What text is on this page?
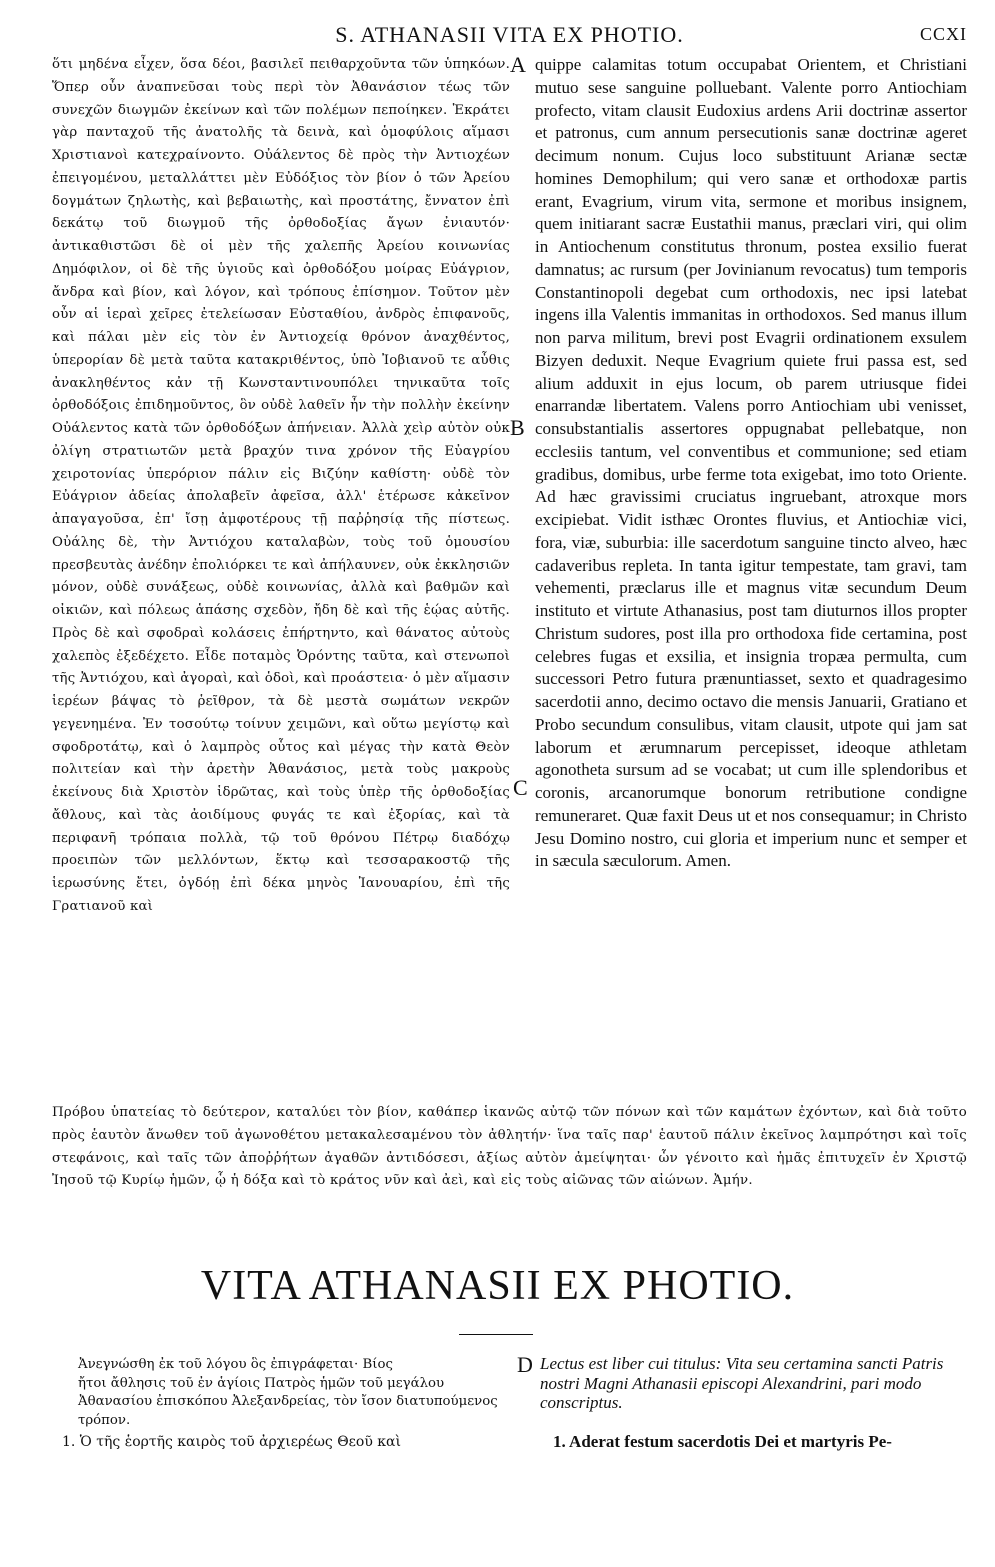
S. ATHANASII VITA EX PHOTIO.	CCXI

ὅτι μηδένα εἶχεν, ὅσα δέοι, βασιλεῖ πειθαρχοῦντα τῶν ὑπηκόων. Ὅπερ οὖν ἀναπνεῦσαι τοὺς περὶ τὸν Ἀθανάσιον τέως τῶν συνεχῶν διωγμῶν ἐκείνων καὶ τῶν πολέμων πεποίηκεν. Ἐκράτει γὰρ πανταχοῦ τῆς ἀνατολῆς τὰ δεινὰ, καὶ ὁμοφύλοις αἵμασι Χριστιανοὶ κατεχραίνοντο. Οὐάλεντος δὲ πρὸς τὴν Ἀντιοχέων ἐπειγομένου, μεταλλάττει μὲν Εὐδόξιος τὸν βίον ὁ τῶν Ἀρείου δογμάτων ζηλωτὴς, καὶ βεβαιωτὴς, καὶ προστάτης, ἔννατον ἐπὶ δεκάτῳ τοῦ διωγμοῦ τῆς ὀρθοδοξίας ἄγων ἐνιαυτόν· ἀντικαθιστῶσι δὲ οἱ μὲν τῆς χαλεπῆς Ἀρείου κοινωνίας Δημόφιλον, οἱ δὲ τῆς ὑγιοῦς καὶ ὀρθοδόξου μοίρας Εὐάγριον, ἄνδρα καὶ βίον, καὶ λόγον, καὶ τρόπους ἐπίσημον. Τοῦτον μὲν οὖν αἱ ἱεραὶ χεῖρες ἐτελείωσαν Εὐσταθίου, ἀνδρὸς ἐπιφανοῦς, καὶ πάλαι μὲν εἰς τὸν ἐν Ἀντιοχείᾳ θρόνον ἀναχθέντος, ὑπερορίαν δὲ μετὰ ταῦτα κατακριθέντος, ὑπὸ Ἰοβιανοῦ τε αὖθις ἀνακληθέντος κἀν τῇ Κωνσταντινουπόλει τηνικαῦτα τοῖς ὀρθοδόξοις ἐπιδημοῦντος, ὃν οὐδὲ λαθεῖν ἦν τὴν πολλὴν ἐκείνην Οὐάλεντος κατὰ τῶν ὀρθοδόξων ἀπήνειαν. Ἀλλὰ χεὶρ αὐτὸν οὐκ ὀλίγη στρατιωτῶν μετὰ βραχύν τινα χρόνον τῆς Εὐαγρίου χειροτονίας ὑπερόριον πάλιν εἰς Βιζύην καθίστη· οὐδὲ τὸν Εὐάγριον ἀδείας ἀπολαβεῖν ἀφεῖσα, ἀλλ' ἑτέρωσε κἀκεῖνον ἀπαγαγοῦσα, ἐπ' ἴσῃ ἀμφοτέρους τῇ παῤῥησίᾳ τῆς πίστεως. Οὐάλης δὲ, τὴν Ἀντιόχου καταλαβὼν, τοὺς τοῦ ὁμουσίου πρεσβευτὰς ἀνέδην ἐπολιόρκει τε καὶ ἀπήλαυνεν, οὐκ ἐκκλησιῶν μόνον, οὐδὲ συνάξεως, οὐδὲ κοινωνίας, ἀλλὰ καὶ βαθμῶν καὶ οἰκιῶν, καὶ πόλεως ἁπάσης σχεδὸν, ἤδη δὲ καὶ τῆς ἑῴας αὐτῆς. Πρὸς δὲ καὶ σφοδραὶ κολάσεις ἐπήρτηντο, καὶ θάνατος αὐτοὺς χαλεπὸς ἐξεδέχετο. Εἶδε ποταμὸς Ὀρόντης ταῦτα, καὶ στενωποὶ τῆς Ἀντιόχου, καὶ ἀγοραὶ, καὶ ὁδοὶ, καὶ προάστεια· ὁ μὲν αἵμασιν ἱερέων βάψας τὸ ῥεῖθρον, τὰ δὲ μεστὰ σωμάτων νεκρῶν γεγενημένα. Ἐν τοσούτῳ τοίνυν χειμῶνι, καὶ οὕτω μεγίστῳ καὶ σφοδροτάτῳ, καὶ ὁ λαμπρὸς οὗτος καὶ μέγας τὴν κατὰ Θεὸν πολιτείαν καὶ τὴν ἀρετὴν Ἀθανάσιος, μετὰ τοὺς μακροὺς ἐκείνους διὰ Χριστὸν ἱδρῶτας, καὶ τοὺς ὑπὲρ τῆς ὀρθοδοξίας ἄθλους, καὶ τὰς ἀοιδίμους φυγάς τε καὶ ἐξορίας, καὶ τὰ περιφανῆ τρόπαια πολλὰ, τῷ τοῦ θρόνου Πέτρῳ διαδόχῳ προειπὼν τῶν μελλόντων, ἕκτῳ καὶ τεσσαρακοστῷ τῆς ἱερωσύνης ἔτει, ὀγδόῃ ἐπὶ δέκα μηνὸς Ἰανουαρίου, ἐπὶ τῆς Γρατιανοῦ καὶ

A
B
C
D

quippe calamitas totum occupabat Orientem, et Christiani mutuo sese sanguine polluebant. Valente porro Antiochiam profecto, vitam clausit Eudoxius ardens Arii doctrinæ assertor et patronus, cum annum persecutionis sanæ doctrinæ ageret decimum nonum. Cujus loco substituunt Arianæ sectæ homines Demophilum; qui vero sanæ et orthodoxæ partis erant, Evagrium, virum vita, sermone et moribus insignem, quem initiarant sacræ Eustathii manus, præclari viri, qui olim in Antiochenum constitutus thronum, postea exsilio fuerat damnatus; ac rursum (per Jovinianum revocatus) tum temporis Constantinopoli degebat cum orthodoxis, nec ipsi latebat ingens illa Valentis immanitas in orthodoxos. Sed manus illum non parva militum, brevi post Evagrii ordinationem exsulem Bizyen deduxit. Neque Evagrium quiete frui passa est, sed alium adduxit in ejus locum, ob parem utriusque fidei enarrandæ libertatem. Valens porro Antiochiam ubi venisset, consubstantialis assertores oppugnabat pellebatque, non ecclesiis tantum, vel conventibus et communione; sed etiam gradibus, domibus, urbe ferme tota exigebat, imo toto Oriente. Ad hæc gravissimi cruciatus ingruebant, atroxque mors excipiebat. Vidit isthæc Orontes fluvius, et Antiochiæ vici, fora, viæ, suburbia: ille sacerdotum sanguine tincto alveo, hæc cadaveribus repleta. In tanta igitur tempestate, tam gravi, tam vehementi, præclarus ille et magnus vitæ secundum Deum instituto et virtute Athanasius, post tam diuturnos illos propter Christum sudores, post illa pro orthodoxa fide certamina, post celebres fugas et exsilia, et insignia tropæa permulta, cum successori Petro futura prænuntiasset, sexto et quadragesimo sacerdotii anno, decimo octavo die mensis Januarii, Gratiano et Probo secundum consulibus, vitam clausit, utpote qui jam sat laborum et ærumnarum percepisset, ideoque athletam agonotheta sursum ad se vocabat; ut cum ille splendoribus et coronis, arcanorumque bonorum retributione condigne remuneraret. Quæ faxit Deus ut et nos consequamur; in Christo Jesu Domino nostro, cui gloria et imperium nunc et semper et in sæcula sæculorum. Amen.

Πρόβου ὑπατείας τὸ δεύτερον, καταλύει τὸν βίον, καθάπερ ἱκανῶς αὐτῷ τῶν πόνων καὶ τῶν καμάτων ἐχόντων, καὶ διὰ τοῦτο πρὸς ἑαυτὸν ἄνωθεν τοῦ ἀγωνοθέτου μετακαλεσαμένου τὸν ἀθλητήν· ἵνα ταῖς παρ' ἑαυτοῦ πάλιν ἐκεῖνος λαμπρότησι καὶ τοῖς στεφάνοις, καὶ ταῖς τῶν ἀποῤῥήτων ἀγαθῶν ἀντιδόσεσι, ἀξίως αὐτὸν ἀμείψηται· ὧν γένοιτο καὶ ἡμᾶς ἐπιτυχεῖν ἐν Χριστῷ Ἰησοῦ τῷ Κυρίῳ ἡμῶν, ᾧ ἡ δόξα καὶ τὸ κράτος νῦν καὶ ἀεὶ, καὶ εἰς τοὺς αἰῶνας τῶν αἰώνων. Ἀμήν.

VITA ATHANASII EX PHOTIO.

Ἀνεγνώσθη ἐκ τοῦ λόγου ὃς ἐπιγράφεται· Βίος

ἤτοι ἄθλησις τοῦ ἐν ἁγίοις Πατρὸς ἡμῶν τοῦ μεγάλου Ἀθανασίου ἐπισκόπου Ἀλεξανδρείας, τὸν ἴσον διατυπούμενος τρόπον.

Lectus est liber cui titulus: Vita seu certamina sancti Patris nostri Magni Athanasii episcopi Alexandrini, pari modo conscriptus.

1. Ὁ τῆς ἑορτῆς καιρὸς τοῦ ἀρχιερέως Θεοῦ καὶ	1. Aderat festum sacerdotis Dei et martyris Pe-
